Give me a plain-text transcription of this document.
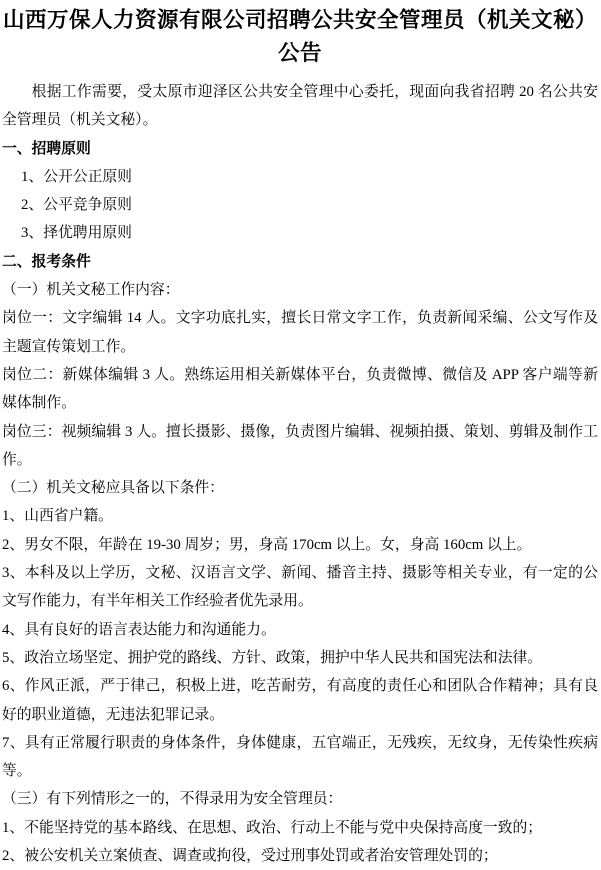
山西万保人力资源有限公司招聘公共安全管理员（机关文秘）
公告

根据工作需要，受太原市迎泽区公共安全管理中心委托，现面向我省招聘 20 名公共安全管理员（机关文秘）。

一、招聘原则

1、公开公正原则

2、公平竞争原则

3、择优聘用原则

二、报考条件

（一）机关文秘工作内容：

岗位一：文字编辑 14 人。文字功底扎实，擅长日常文字工作，负责新闻采编、公文写作及主题宣传策划工作。

岗位二：新媒体编辑 3 人。熟练运用相关新媒体平台，负责微博、微信及 APP 客户端等新媒体制作。

岗位三：视频编辑 3 人。擅长摄影、摄像，负责图片编辑、视频拍摄、策划、剪辑及制作工作。

（二）机关文秘应具备以下条件：

1、山西省户籍。

2、男女不限，年龄在 19-30 周岁；男，身高 170cm 以上。女，身高 160cm 以上。

3、本科及以上学历，文秘、汉语言文学、新闻、播音主持、摄影等相关专业，有一定的公文写作能力，有半年相关工作经验者优先录用。

4、具有良好的语言表达能力和沟通能力。

5、政治立场坚定、拥护党的路线、方针、政策，拥护中华人民共和国宪法和法律。

6、作风正派，严于律己，积极上进，吃苦耐劳，有高度的责任心和团队合作精神；具有良好的职业道德，无违法犯罪记录。

7、具有正常履行职责的身体条件，身体健康，五官端正，无残疾，无纹身，无传染性疾病等。

（三）有下列情形之一的，不得录用为安全管理员：

1、不能坚持党的基本路线、在思想、政治、行动上不能与党中央保持高度一致的；

2、被公安机关立案侦查、调查或拘役，受过刑事处罚或者治安管理处罚的；
